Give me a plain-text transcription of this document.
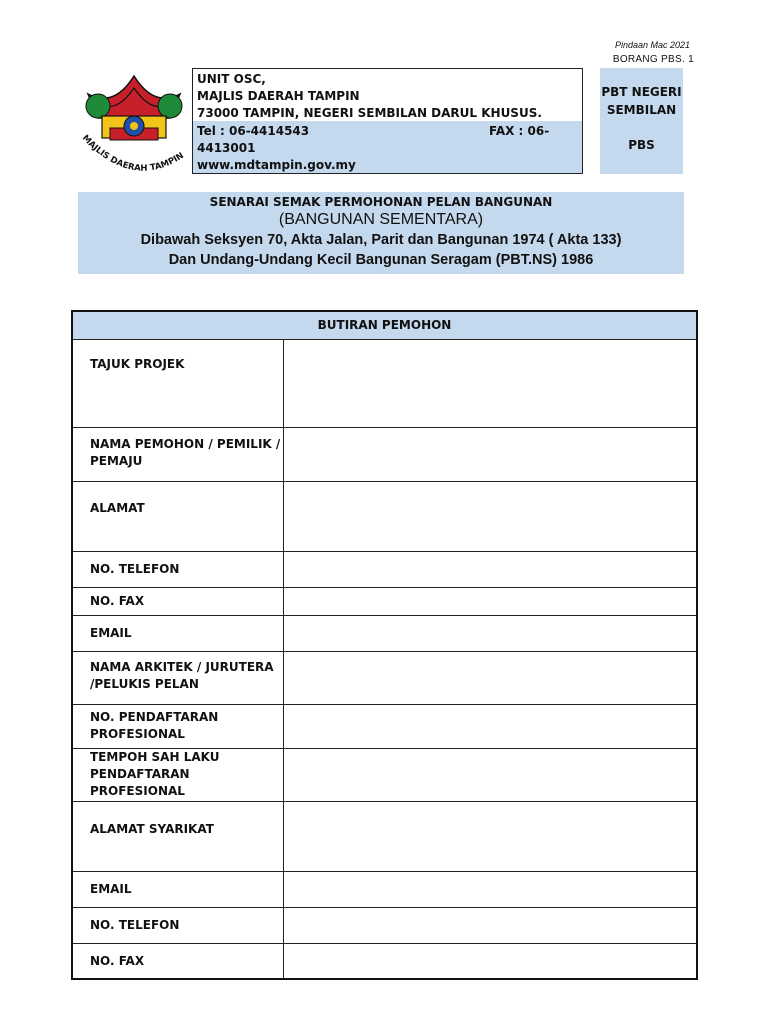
Pindaan Mac 2021
BORANG PBS. 1
MAJLIS DAERAH TAMPIN
UNIT OSC,
MAJLIS DAERAH TAMPIN
73000 TAMPIN, NEGERI SEMBILAN DARUL KHUSUS.
Tel : 06-4414543	FAX : 06-
4413001
www.mdtampin.gov.my
PBT NEGERI
SEMBILAN
PBS
SENARAI SEMAK PERMOHONAN PELAN BANGUNAN
(BANGUNAN SEMENTARA)
Dibawah Seksyen 70, Akta Jalan, Parit dan Bangunan 1974 ( Akta 133)
Dan Undang-Undang Kecil Bangunan Seragam (PBT.NS) 1986
BUTIRAN PEMOHON	
TAJUK PROJEK	
NAMA PEMOHON / PEMILIK / PEMAJU	
ALAMAT	
NO. TELEFON	
NO. FAX	
EMAIL	
NAMA ARKITEK / JURUTERA /PELUKIS PELAN	
NO. PENDAFTARAN PROFESIONAL	
TEMPOH SAH LAKU PENDAFTARAN PROFESIONAL	
ALAMAT SYARIKAT	
EMAIL	
NO. TELEFON	
NO. FAX	
